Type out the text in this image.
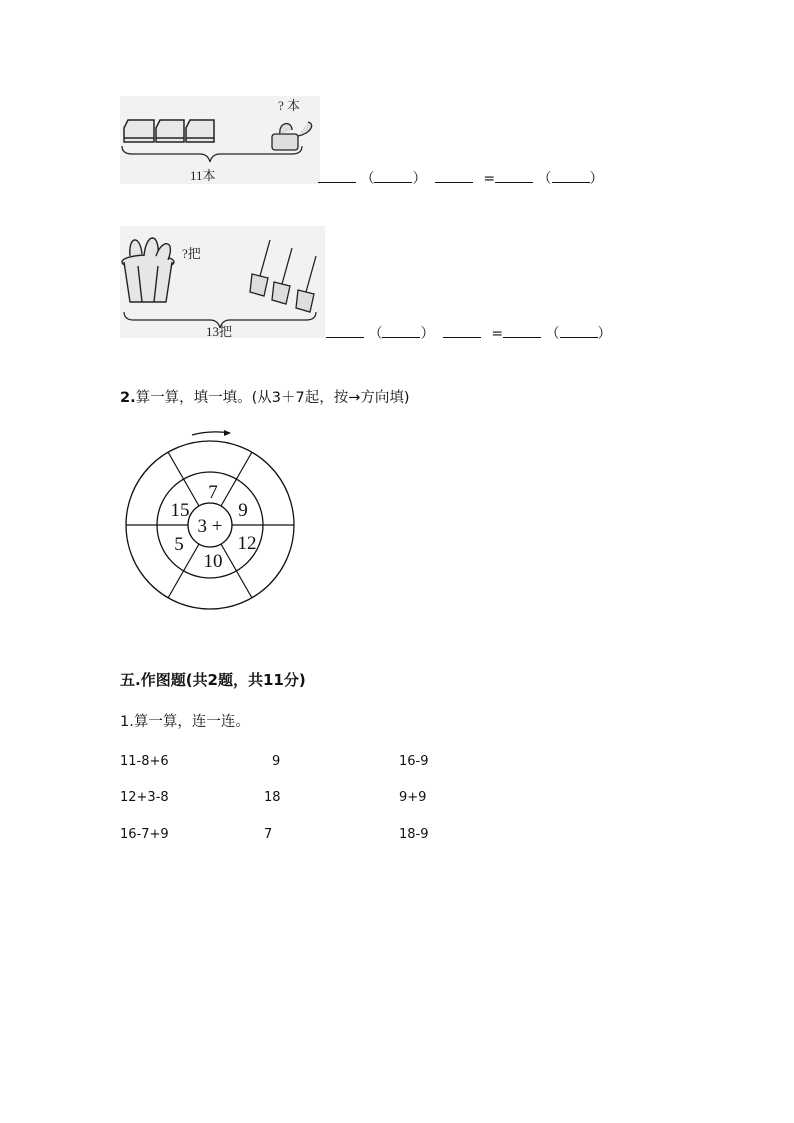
? 本
11本	（	）	=	（	）
?把
13把	（	）	=	（	）
2.算一算，填一填。(从3＋7起，按→方向填)
3 +
7
9
12
10
5
15
五.作图题(共2题，共11分)
1.算一算，连一连。
11-8+6	9	16-9
12+3-8	18	9+9
16-7+9	7	18-9
